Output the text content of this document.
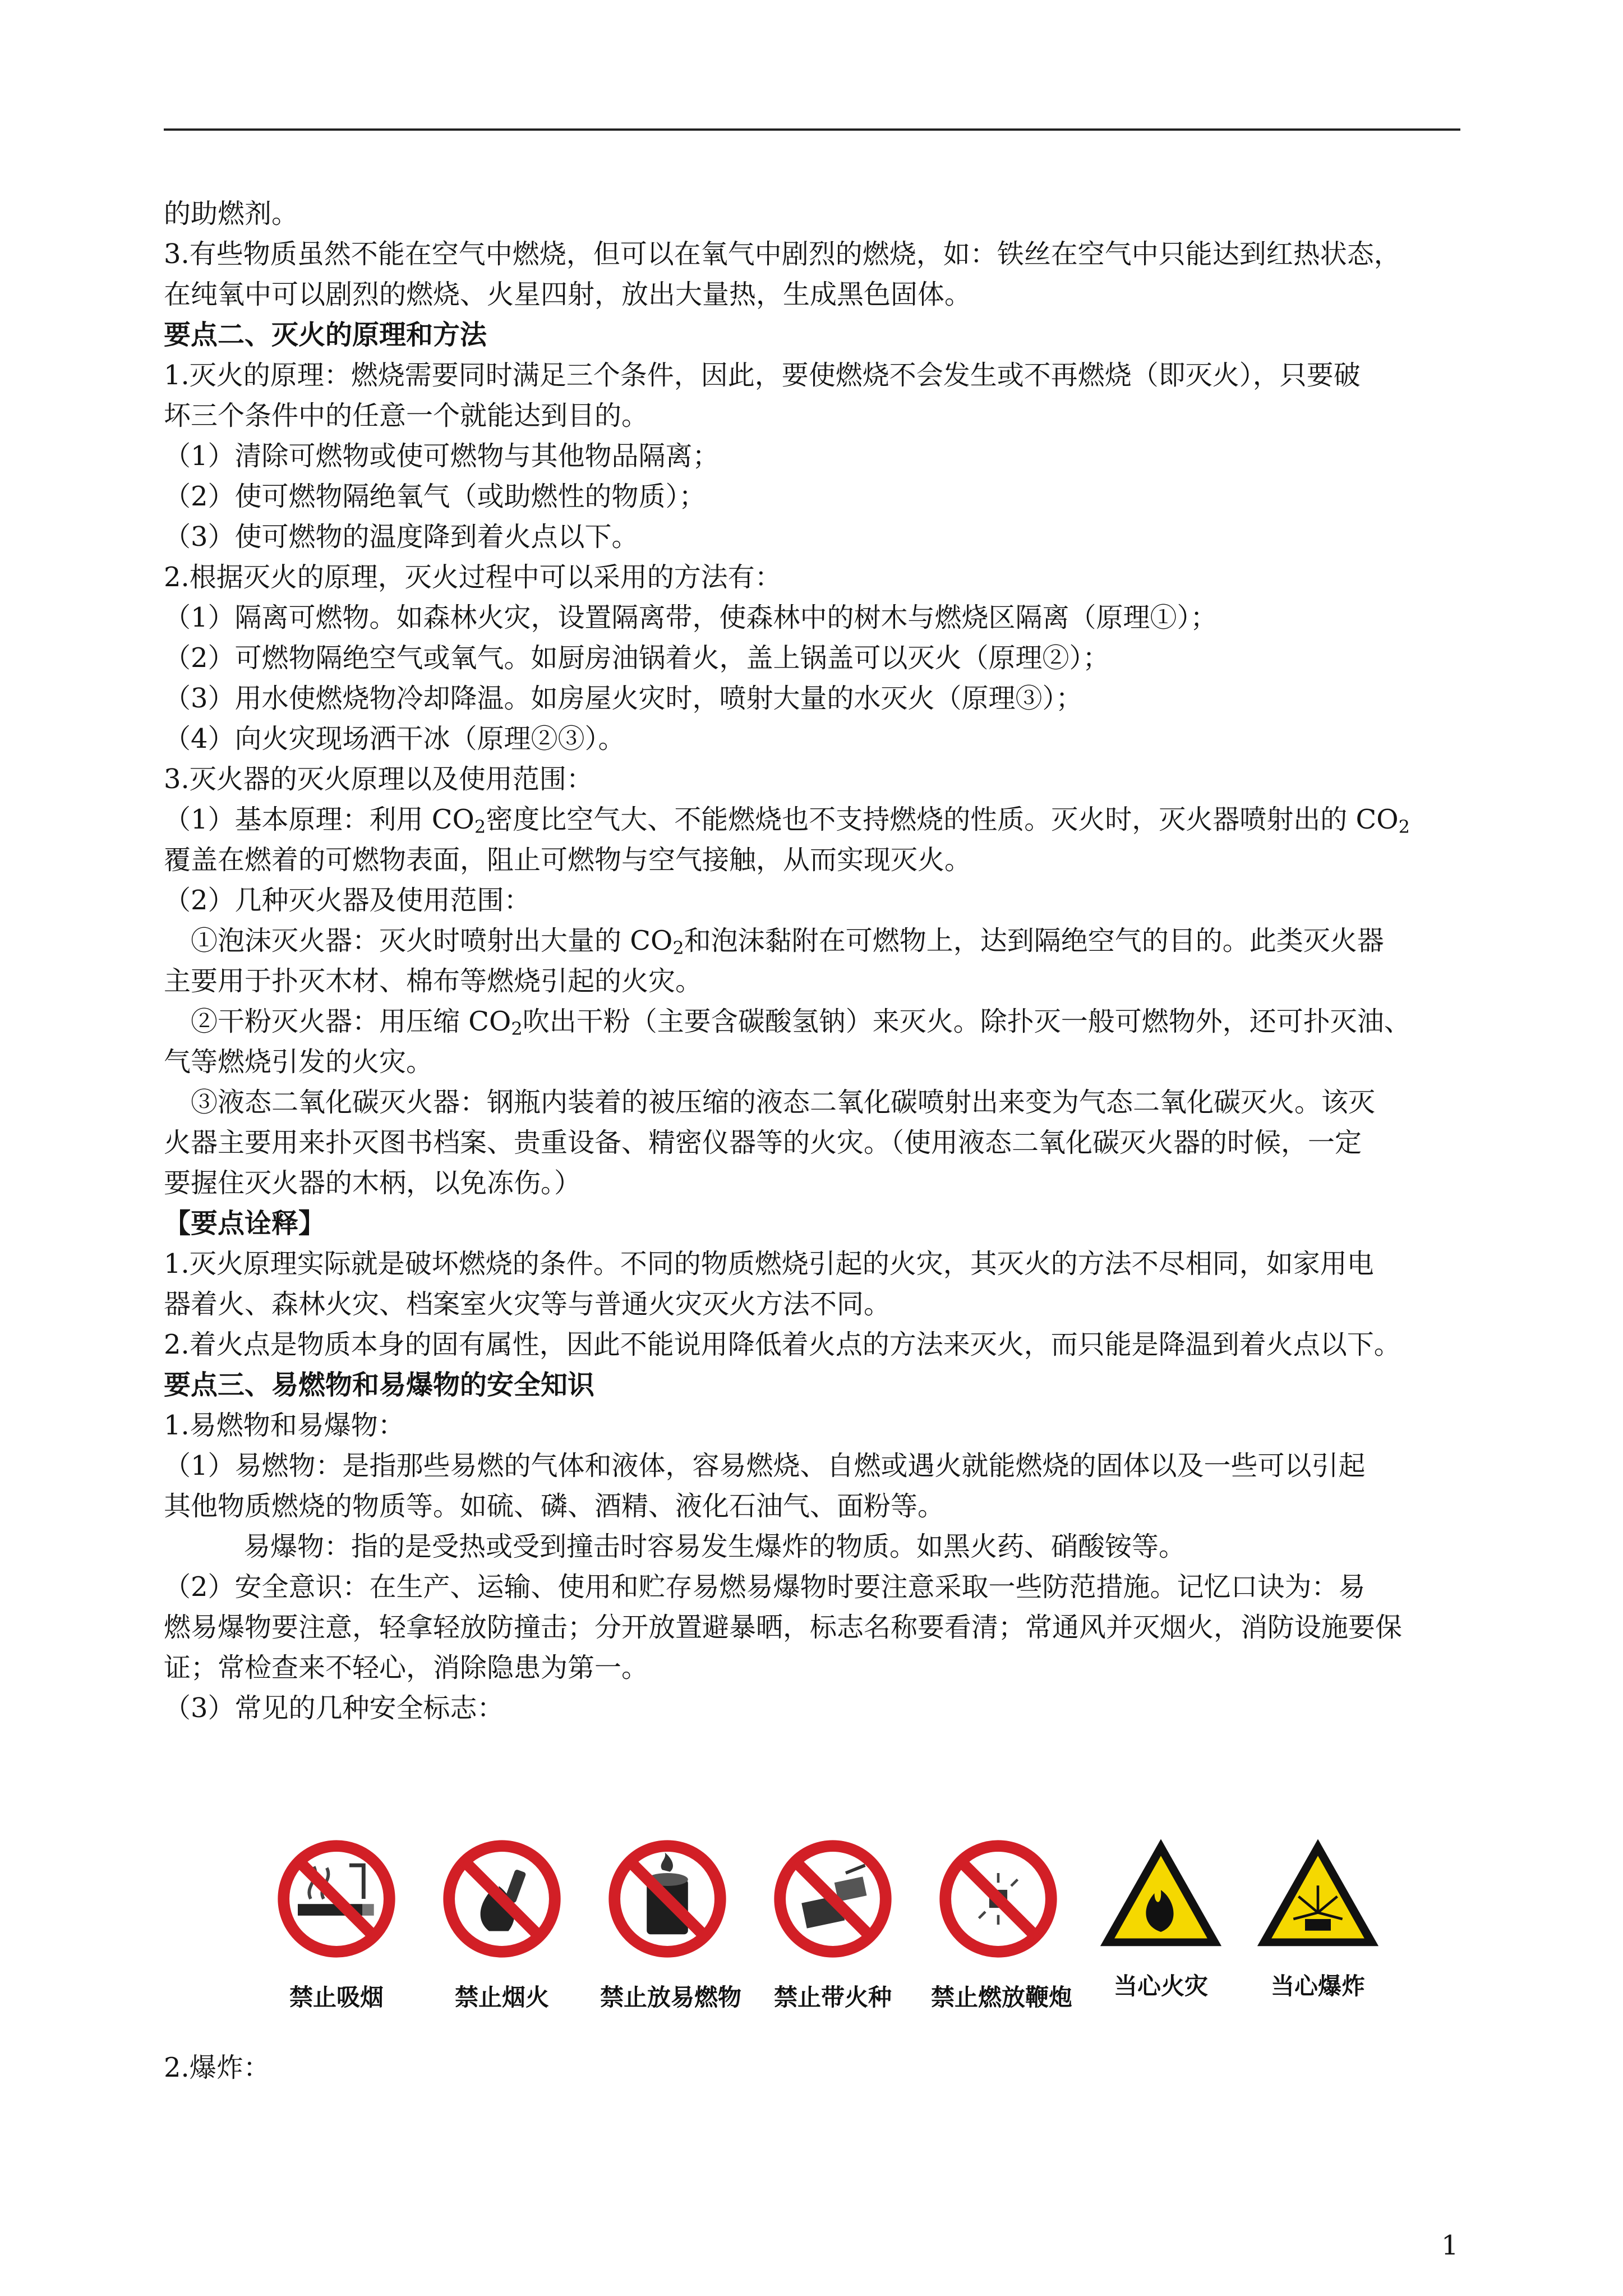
的助燃剂。
3.有些物质虽然不能在空气中燃烧，但可以在氧气中剧烈的燃烧，如：铁丝在空气中只能达到红热状态，
在纯氧中可以剧烈的燃烧、火星四射，放出大量热，生成黑色固体。
要点二、灭火的原理和方法
1.灭火的原理：燃烧需要同时满足三个条件，因此，要使燃烧不会发生或不再燃烧（即灭火），只要破
坏三个条件中的任意一个就能达到目的。
（1）清除可燃物或使可燃物与其他物品隔离；
（2）使可燃物隔绝氧气（或助燃性的物质）；
（3）使可燃物的温度降到着火点以下。
2.根据灭火的原理，灭火过程中可以采用的方法有：
（1）隔离可燃物。如森林火灾，设置隔离带，使森林中的树木与燃烧区隔离（原理①）；
（2）可燃物隔绝空气或氧气。如厨房油锅着火，盖上锅盖可以灭火（原理②）；
（3）用水使燃烧物冷却降温。如房屋火灾时，喷射大量的水灭火（原理③）；
（4）向火灾现场洒干冰（原理②③）。
3.灭火器的灭火原理以及使用范围：
（1）基本原理：利用 $CO_2$密度比空气大、不能燃烧也不支持燃烧的性质。灭火时，灭火器喷射出的 $CO_2$
覆盖在燃着的可燃物表面，阻止可燃物与空气接触，从而实现灭火。
（2）几种灭火器及使用范围：
①泡沫灭火器：灭火时喷射出大量的 $CO_2$和泡沫黏附在可燃物上，达到隔绝空气的目的。此类灭火器
主要用于扑灭木材、棉布等燃烧引起的火灾。
②干粉灭火器：用压缩 $CO_2$吹出干粉（主要含碳酸氢钠）来灭火。除扑灭一般可燃物外，还可扑灭油、
气等燃烧引发的火灾。
③液态二氧化碳灭火器：钢瓶内装着的被压缩的液态二氧化碳喷射出来变为气态二氧化碳灭火。该灭
火器主要用来扑灭图书档案、贵重设备、精密仪器等的火灾。（使用液态二氧化碳灭火器的时候，一定
要握住灭火器的木柄，以免冻伤。）
【要点诠释】
1.灭火原理实际就是破坏燃烧的条件。不同的物质燃烧引起的火灾，其灭火的方法不尽相同，如家用电
器着火、森林火灾、档案室火灾等与普通火灾灭火方法不同。
2.着火点是物质本身的固有属性，因此不能说用降低着火点的方法来灭火，而只能是降温到着火点以下。
要点三、易燃物和易爆物的安全知识
1.易燃物和易爆物：
（1）易燃物：是指那些易燃的气体和液体，容易燃烧、自燃或遇火就能燃烧的固体以及一些可以引起
其他物质燃烧的物质等。如硫、磷、酒精、液化石油气、面粉等。
易爆物：指的是受热或受到撞击时容易发生爆炸的物质。如黑火药、硝酸铵等。
（2）安全意识：在生产、运输、使用和贮存易燃易爆物时要注意采取一些防范措施。记忆口诀为：易
燃易爆物要注意，轻拿轻放防撞击；分开放置避暴晒，标志名称要看清；常通风并灭烟火，消防设施要保
证；常检查来不轻心，消除隐患为第一。
（3）常见的几种安全标志：
禁止吸烟	禁止烟火	禁止放易燃物	禁止带火种	禁止燃放鞭炮	当心火灾	当心爆炸
2.爆炸：
1
